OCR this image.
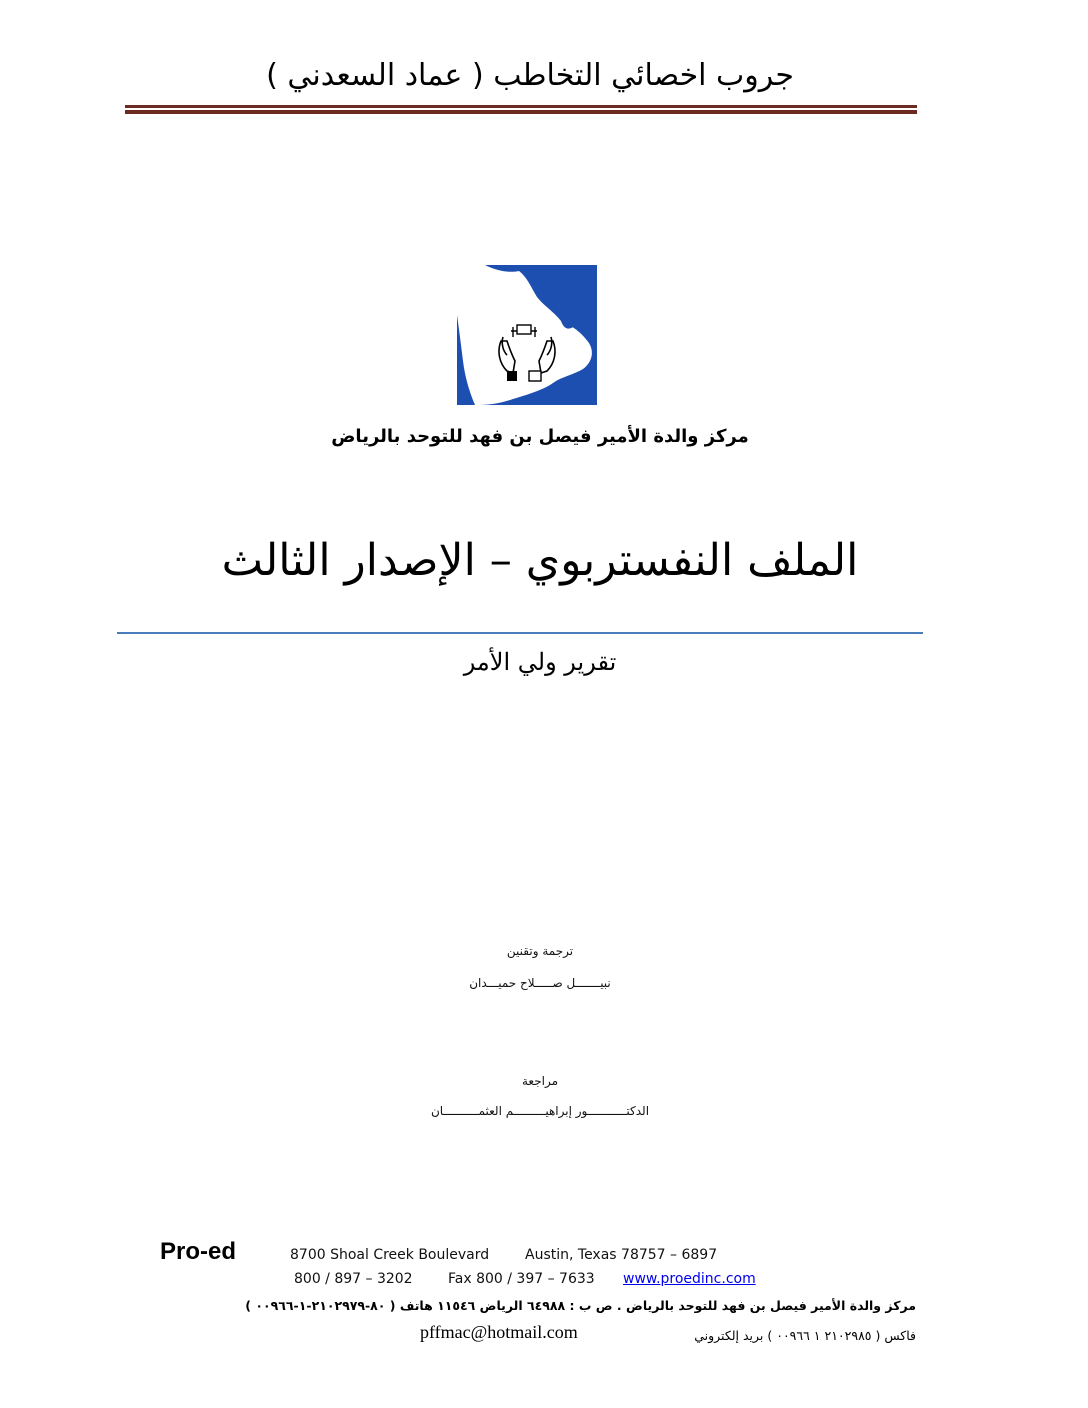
جروب اخصائي التخاطب ( عماد السعدني )
مركز والدة الأمير فيصل بن فهد للتوحد بالرياض
الملف النفستربوي – الإصدار الثالث
تقرير ولي الأمر
ترجمة وتقنين
نبيـــــــل صـــــلاح حميـــدان
مراجعة
الدكتـــــــــــور إبراهيـــــــــم العثمــــــــــان
Pro-ed	8700 Shoal Creek Boulevard	Austin, Texas 78757 – 6897
800 / 897 – 3202	Fax 800 / 397 – 7633 www.proedinc.com
مركز والدة الأمير فيصل بن فهد للتوحد بالرياض . ص ب : ٦٤٩٨٨ الرياض ١١٥٤٦ هاتف ( ٨٠-٢١٠٢٩٧٩-١-٠٠٩٦٦ )
فاكس ( ٢١٠٢٩٨٥ ١ ٠٠٩٦٦ ) بريد إلكتروني
pffmac@hotmail.com
